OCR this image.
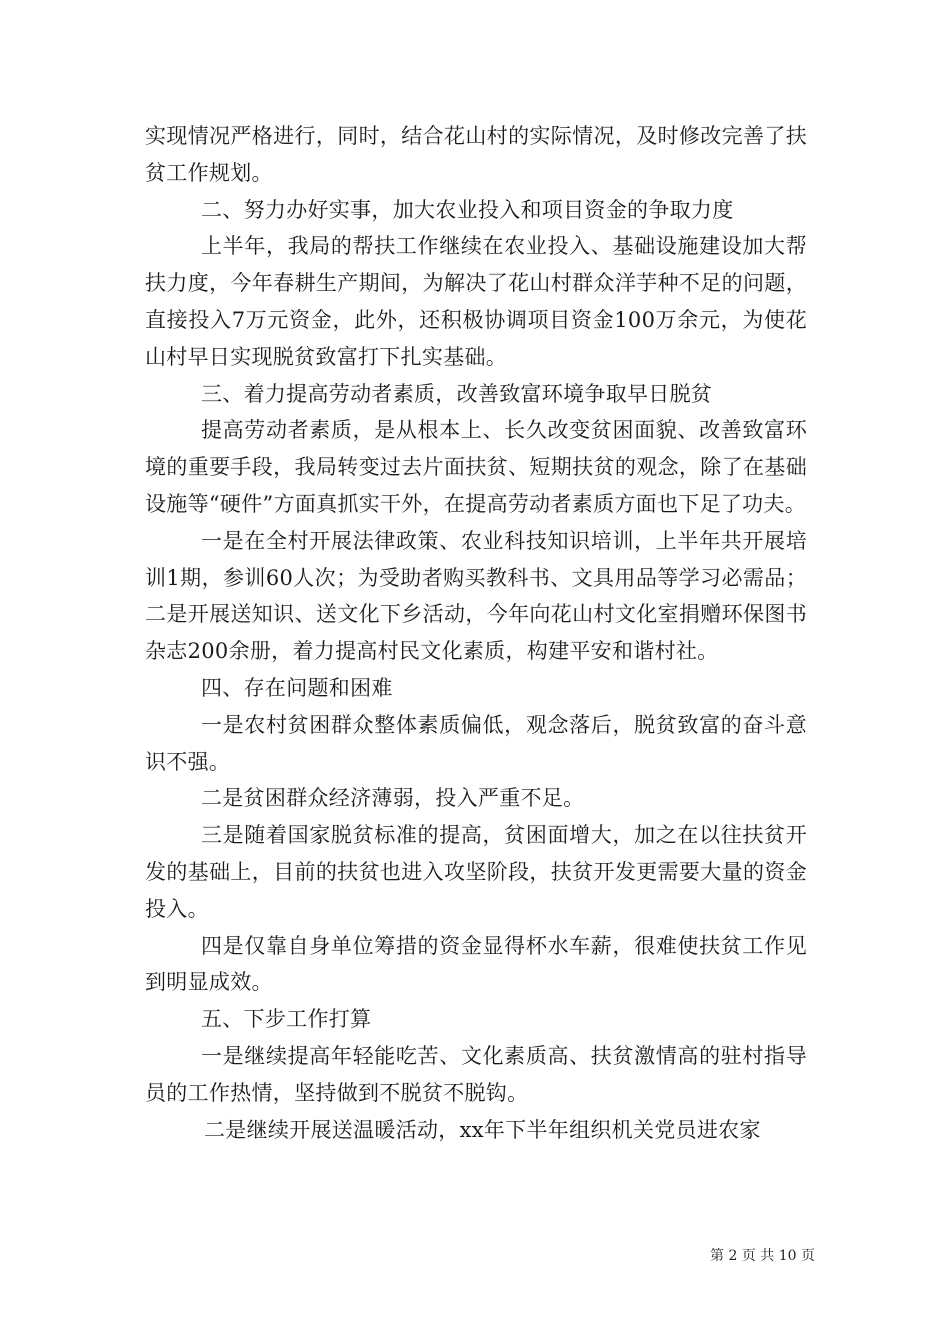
实现情况严格进行，同时，结合花山村的实际情况，及时修改完善了扶贫工作规划。

二、努力办好实事，加大农业投入和项目资金的争取力度

上半年，我局的帮扶工作继续在农业投入、基础设施建设加大帮扶力度，今年春耕生产期间，为解决了花山村群众洋芋种不足的问题，直接投入7万元资金，此外，还积极协调项目资金100万余元，为使花山村早日实现脱贫致富打下扎实基础。

三、着力提高劳动者素质，改善致富环境争取早日脱贫

提高劳动者素质，是从根本上、长久改变贫困面貌、改善致富环境的重要手段，我局转变过去片面扶贫、短期扶贫的观念，除了在基础设施等“硬件”方面真抓实干外，在提高劳动者素质方面也下足了功夫。

一是在全村开展法律政策、农业科技知识培训，上半年共开展培训1期，参训60人次；为受助者购买教科书、文具用品等学习必需品；二是开展送知识、送文化下乡活动，今年向花山村文化室捐赠环保图书杂志200余册，着力提高村民文化素质，构建平安和谐村社。

四、存在问题和困难

一是农村贫困群众整体素质偏低，观念落后，脱贫致富的奋斗意识不强。

二是贫困群众经济薄弱，投入严重不足。

三是随着国家脱贫标准的提高，贫困面增大，加之在以往扶贫开发的基础上，目前的扶贫也进入攻坚阶段，扶贫开发更需要大量的资金投入。

四是仅靠自身单位筹措的资金显得杯水车薪，很难使扶贫工作见到明显成效。

五、下步工作打算

一是继续提高年轻能吃苦、文化素质高、扶贫激情高的驻村指导员的工作热情，坚持做到不脱贫不脱钩。

二是继续开展送温暖活动，xx年下半年组织机关党员进农家

第 2 页 共 10 页
